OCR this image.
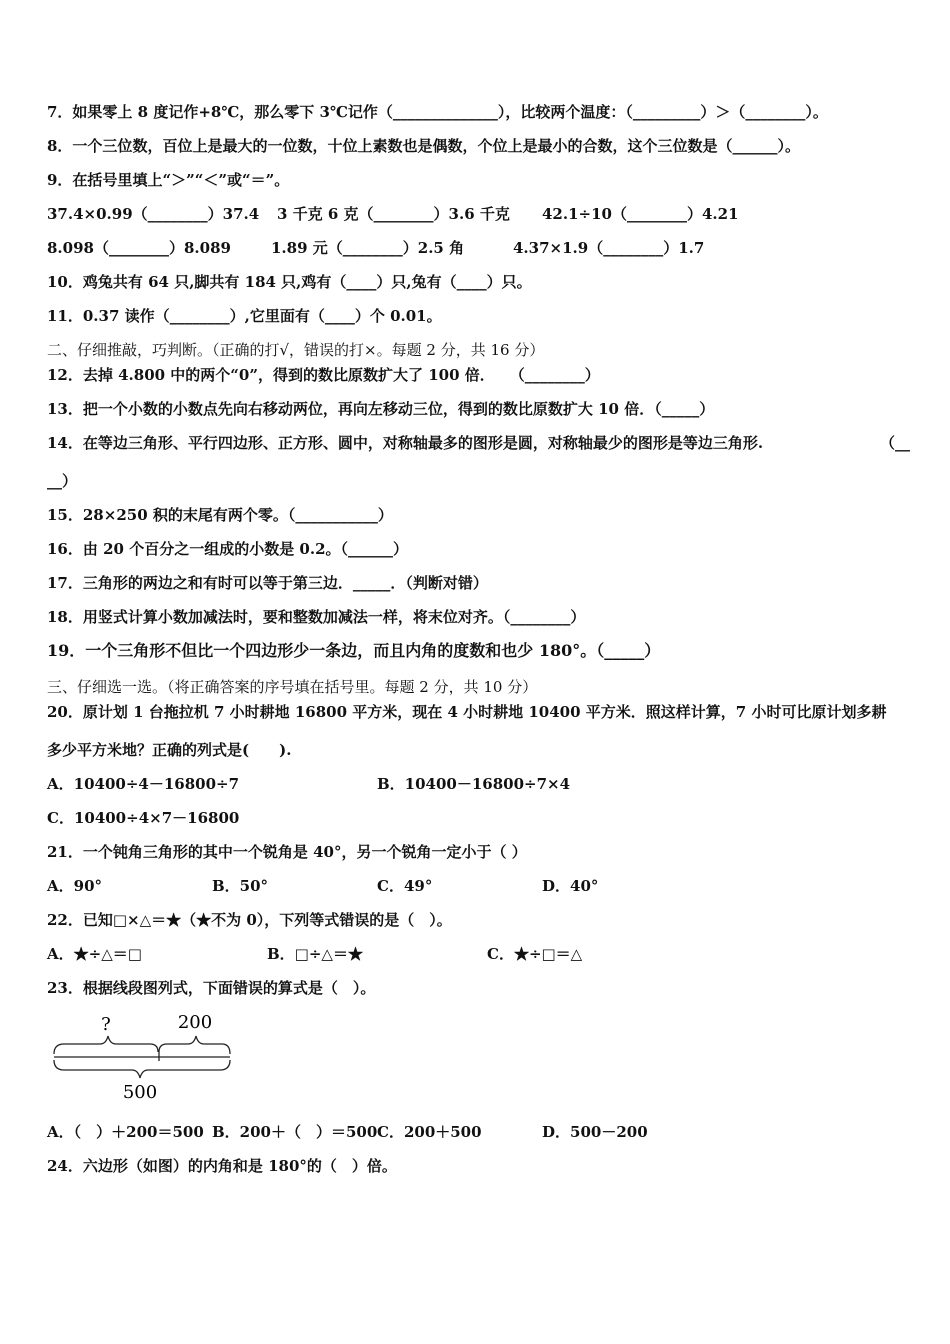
7．如果零上 8 度记作+8℃，那么零下 3℃记作（______________），比较两个温度：（_________）＞（________）。
8．一个三位数，百位上是最大的一位数，十位上素数也是偶数，个位上是最小的合数，这个三位数是（______）。
9．在括号里填上“＞”“＜”或“＝”。
37.4×0.99（________）37.4 3 千克 6 克（________）3.6 千克 42.1÷10（________）4.21
8.098（________）8.089	1.89 元（________）2.5 角	4.37×1.9（________）1.7
10．鸡兔共有 64 只,脚共有 184 只,鸡有（____）只,兔有（____）只。
11．0.37 读作（________）,它里面有（____）个 0.01。
二、仔细推敲，巧判断。（正确的打√，错误的打×。每题 2 分，共 16 分）
12．去掉 4.800 中的两个“0”，得到的数比原数扩大了 100 倍．　　（________）
13．把一个小数的小数点先向右移动两位，再向左移动三位，得到的数比原数扩大 10 倍．（_____）
14．在等边三角形、平行四边形、正方形、圆中，对称轴最多的图形是圆，对称轴最少的图形是等边三角形.	（__
__）
15．28×250 积的末尾有两个零。（___________）
16．由 20 个百分之一组成的小数是 0.2。（______）
17．三角形的两边之和有时可以等于第三边．_____．（判断对错）
18．用竖式计算小数加减法时，要和整数加减法一样，将末位对齐。（________）
19．一个三角形不但比一个四边形少一条边，而且内角的度数和也少 180°。（_____）
三、仔细选一选。（将正确答案的序号填在括号里。每题 2 分，共 10 分）
20．原计划 1 台拖拉机 7 小时耕地 16800 平方米，现在 4 小时耕地 10400 平方米．照这样计算，7 小时可比原计划多耕
多少平方米地？正确的列式是(　　).
A．10400÷4－16800÷7	B．10400－16800÷7×4
C．10400÷4×7－16800
21．一个钝角三角形的其中一个锐角是 40°，另一个锐角一定小于（ ）
A．90°	B．50°	C．49°	D．40°
22．已知□×△＝★（★不为 0），下列等式错误的是（　）。
A．★÷△＝□	B．□÷△＝★	C．★÷□＝△
23．根据线段图列式，下面错误的算式是（　）。
?	200
500
A．（　）＋200＝500 B．200＋（　）＝500 C．200＋500	D．500－200
24．六边形（如图）的内角和是 180°的（　）倍。
